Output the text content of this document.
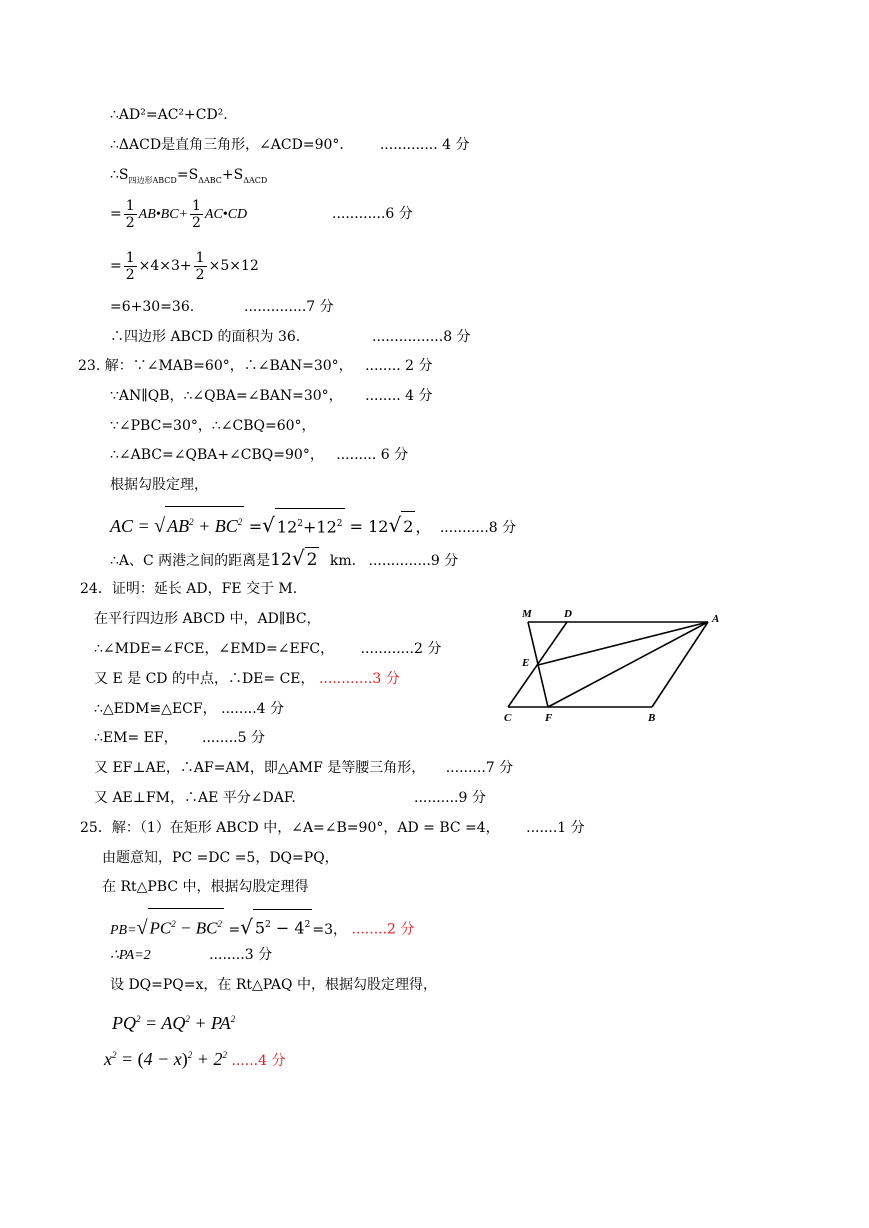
∴AD²=AC²+CD².
∴ΔACD是直角三角形，∠ACD=90°． ............. 4 分
$\therefore S_{四边形ABCD}=S_{\Delta ABC}+S_{\Delta ACD}$
= $\frac{1}{2}$ AB•BC+ $\frac{1}{2}$ AC•CD	............6 分
= $\frac{1}{2} \times 4\times 3+ \frac{1}{2} \times 5\times 12$
=6+30=36.	..............7 分
∴四边形 ABCD 的面积为 36.	................8 分
23. 解：∵∠MAB=60°，∴∠BAN=30°， ........ 2 分
∵AN∥QB，∴∠QBA=∠BAN=30°， ........ 4 分
∵∠PBC=30°，∴∠CBQ=60°，
∴∠ABC=∠QBA+∠CBQ=90°， ......... 6 分
根据勾股定理，
AC = √ $AB^2 + BC^2$ =√ $12^2+12^2 = 12√$ 2 ， ...........8 分
∴A、C 两港之间的距离是12√ 2 km. ..............9 分
24．证明：延长 AD，FE 交于 M.
在平行四边形 ABCD 中，AD∥BC，
∴∠MDE=∠FCE，∠EMD=∠EFC， ............2 分
又 E 是 CD 的中点，∴DE= CE， ............3 分
∴△EDM≌△ECF， ........4 分
∴EM= EF， ........5 分
又 EF⊥AE，∴AF=AM，即△AMF 是等腰三角形， .........7 分
又 AE⊥FM，∴AE 平分∠DAF.	..........9 分
M	D	A
E
C	F	B
25．解：（1）在矩形 ABCD 中，∠A=∠B=90°，AD = BC =4， .......1 分
由题意知，PC =DC =5，DQ=PQ，
在 Rt△PBC 中，根据勾股定理得
PB=√ $PC^2 - BC^2$ =√ $5^2 - 4^2 =3$， ........2 分
∴PA=2	........3 分
设 DQ=PQ=x，在 Rt△PAQ 中，根据勾股定理得，
$PQ^2 = AQ^2 + PA^2$
$x^2 = (4 - x)^2 + 2^2$ ......4 分
